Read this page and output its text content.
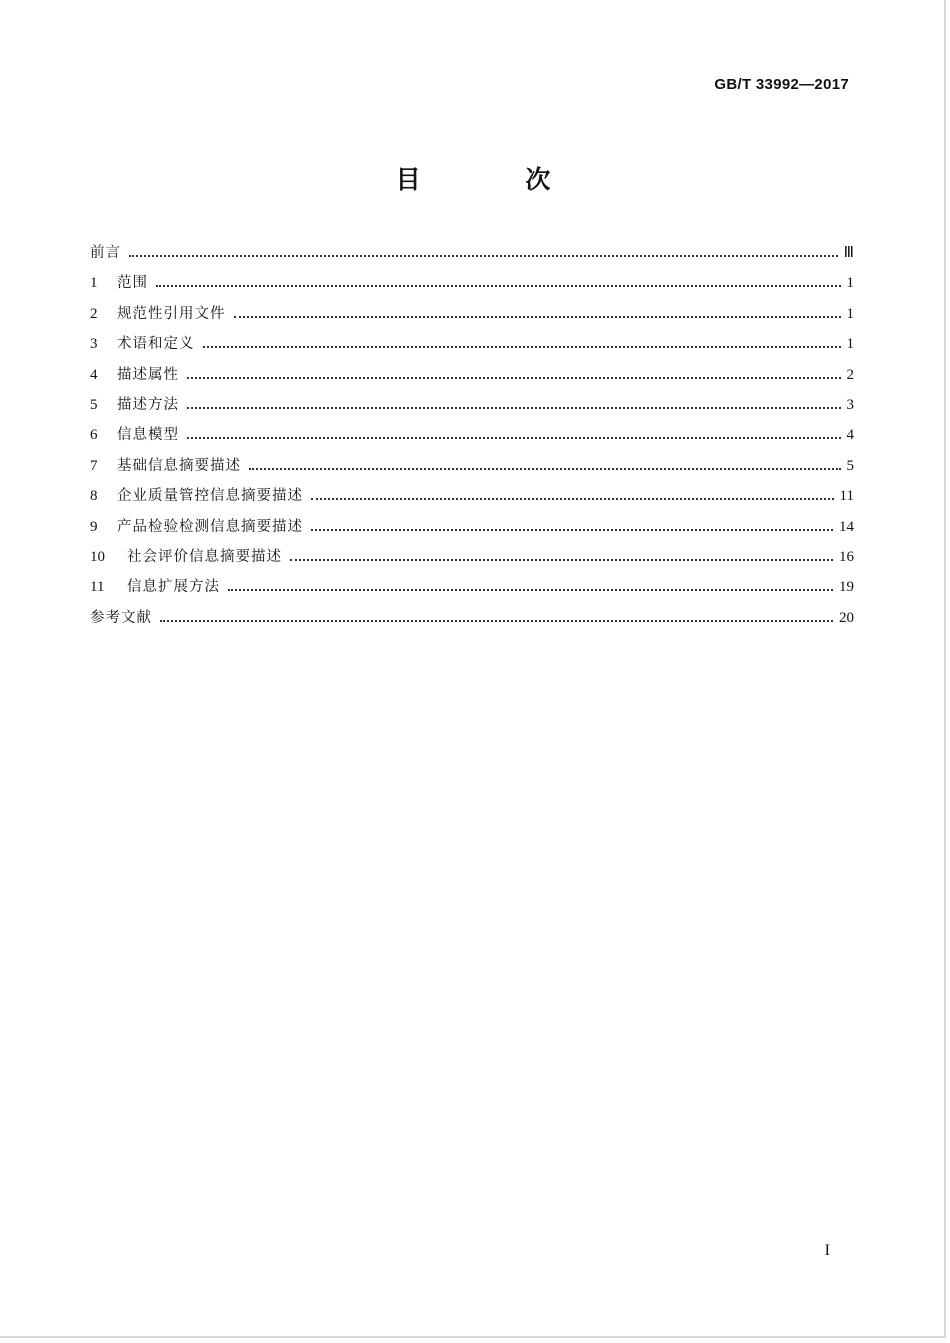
GB/T 33992—2017
目 次
前言	Ⅲ
1	范围	1
2	规范性引用文件	1
3	术语和定义	1
4	描述属性	2
5	描述方法	3
6	信息模型	4
7	基础信息摘要描述	5
8	企业质量管控信息摘要描述	11
9	产品检验检测信息摘要描述	14
10	社会评价信息摘要描述	16
11	信息扩展方法	19
参考文献	20
I
